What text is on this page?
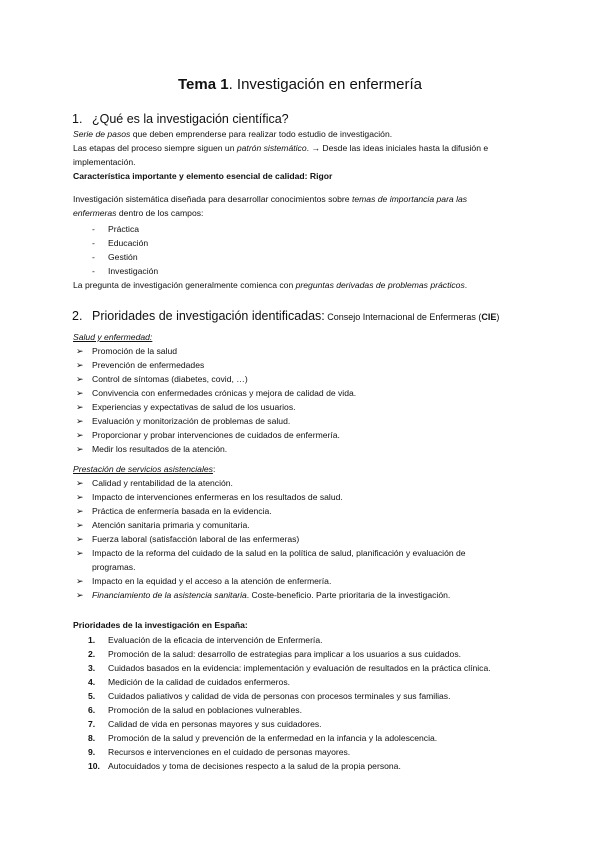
Tema 1. Investigación en enfermería
1. ¿Qué es la investigación científica?
Serie de pasos que deben emprenderse para realizar todo estudio de investigación.
Las etapas del proceso siempre siguen un patrón sistemático. → Desde las ideas iniciales hasta la difusión e
implementación.
Característica importante y elemento esencial de calidad: Rigor
Investigación sistemática diseñada para desarrollar conocimientos sobre temas de importancia para las
enfermeras dentro de los campos:
- Práctica
- Educación
- Gestión
- Investigación
La pregunta de investigación generalmente comienca con preguntas derivadas de problemas prácticos.
2. Prioridades de investigación identificadas: Consejo Internacional de Enfermeras (CIE)
Salud y enfermedad:
➢ Promoción de la salud
➢ Prevención de enfermedades
➢ Control de síntomas (diabetes, covid, …)
➢ Convivencia con enfermedades crónicas y mejora de calidad de vida.
➢ Experiencias y expectativas de salud de los usuarios.
➢ Evaluación y monitorización de problemas de salud.
➢ Proporcionar y probar intervenciones de cuidados de enfermería.
➢ Medir los resultados de la atención.
Prestación de servicios asistenciales:
➢ Calidad y rentabilidad de la atención.
➢ Impacto de intervenciones enfermeras en los resultados de salud.
➢ Práctica de enfermería basada en la evidencia.
➢ Atención sanitaria primaria y comunitaria.
➢ Fuerza laboral (satisfacción laboral de las enfermeras)
➢ Impacto de la reforma del cuidado de la salud en la política de salud, planificación y evaluación de
programas.
➢ Impacto en la equidad y el acceso a la atención de enfermería.
➢ Financiamiento de la asistencia sanitaria. Coste-beneficio. Parte prioritaria de la investigación.
Prioridades de la investigación en España:
1. Evaluación de la eficacia de intervención de Enfermería.
2. Promoción de la salud: desarrollo de estrategias para implicar a los usuarios a sus cuidados.
3. Cuidados basados en la evidencia: implementación y evaluación de resultados en la práctica clínica.
4. Medición de la calidad de cuidados enfermeros.
5. Cuidados paliativos y calidad de vida de personas con procesos terminales y sus familias.
6. Promoción de la salud en poblaciones vulnerables.
7. Calidad de vida en personas mayores y sus cuidadores.
8. Promoción de la salud y prevención de la enfermedad en la infancia y la adolescencia.
9. Recursos e intervenciones en el cuidado de personas mayores.
10. Autocuidados y toma de decisiones respecto a la salud de la propia persona.
